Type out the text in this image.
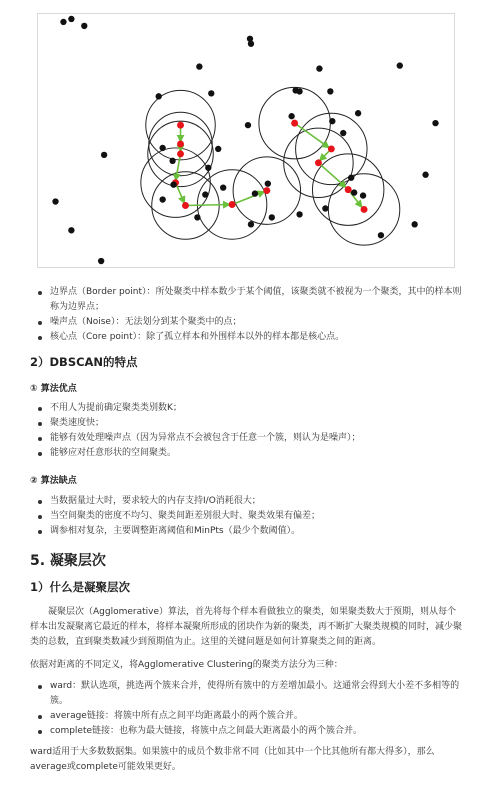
边界点（Border point）：所处聚类中样本数少于某个阈值，该聚类就不被视为一个聚类，其中的样本则称为边界点；
噪声点（Noise）：无法划分到某个聚类中的点；
核心点（Core point）：除了孤立样本和外围样本以外的样本都是核心点。
2）DBSCAN的特点
① 算法优点
不用人为提前确定聚类类别数K；
聚类速度快；
能够有效处理噪声点（因为异常点不会被包含于任意一个簇，则认为是噪声）；
能够应对任意形状的空间聚类。
② 算法缺点
当数据量过大时，要求较大的内存支持I/O消耗很大；
当空间聚类的密度不均匀、聚类间距差别很大时、聚类效果有偏差；
调参相对复杂，主要调整距离阈值和MinPts（最少个数阈值）。
5. 凝聚层次
1）什么是凝聚层次
凝聚层次（Agglomerative）算法，首先将每个样本看做独立的聚类，如果聚类数大于预期，则从每个样本出发凝聚离它最近的样本，将样本凝聚所形成的团块作为新的聚类，再不断扩大聚类规模的同时，减少聚类的总数，直到聚类数减少到预期值为止。这里的关键问题是如何计算聚类之间的距离。
依据对距离的不同定义，将Agglomerative Clustering的聚类方法分为三种：
ward：默认选项，挑选两个簇来合并，使得所有簇中的方差增加最小。这通常会得到大小差不多相等的簇。
average链接：将簇中所有点之间平均距离最小的两个簇合并。
complete链接：也称为最大链接，将簇中点之间最大距离最小的两个簇合并。
ward适用于大多数数据集。如果簇中的成员个数非常不同（比如其中一个比其他所有都大得多），那么average或complete可能效果更好。
